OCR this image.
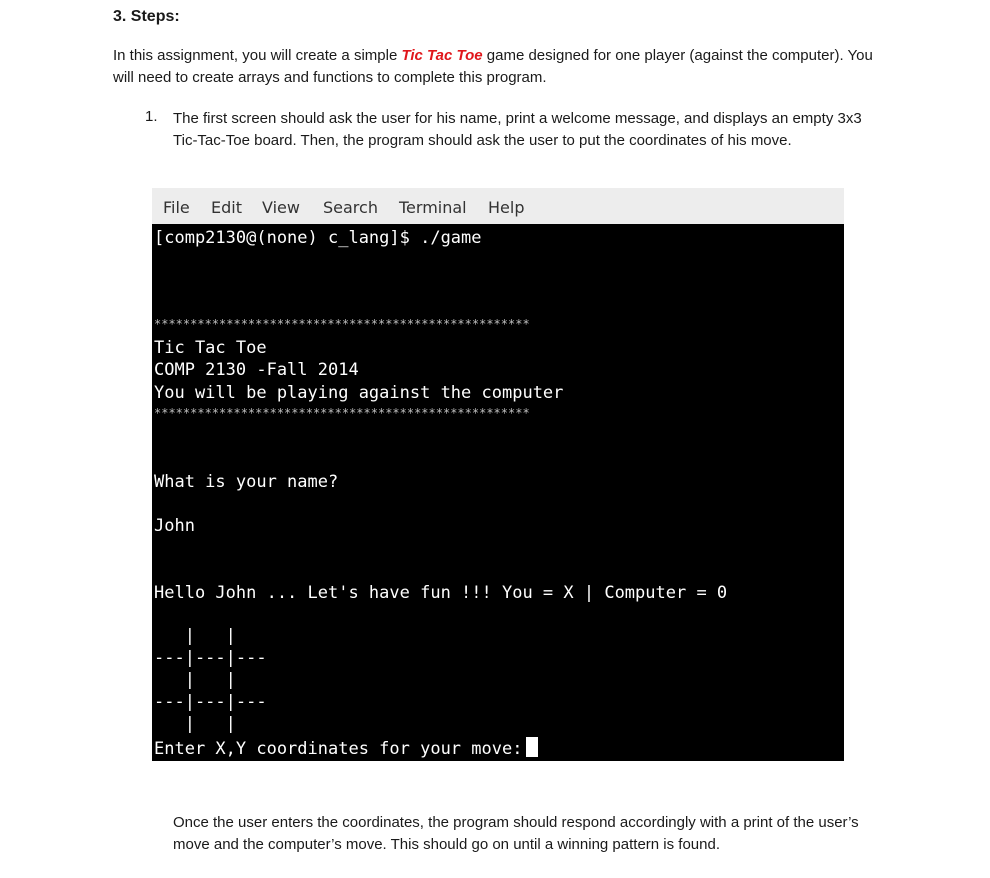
3. Steps:
In this assignment, you will create a simple Tic Tac Toe game designed for one player (against the computer). You will need to create arrays and functions to complete this program.
1. The first screen should ask the user for his name, print a welcome message, and displays an empty 3x3 Tic-Tac-Toe board. Then, the program should ask the user to put the coordinates of his move.
File Edit View Search Terminal Help
[comp2130@(none) c_lang]$ ./game
****************************************************
Tic Tac Toe
COMP 2130 -Fall 2014
You will be playing against the computer
****************************************************
What is your name?
John
Hello John ... Let's have fun !!! You = X | Computer = 0
|   |
---|---|---
|   |
---|---|---
|   |
Enter X,Y coordinates for your move:
Once the user enters the coordinates, the program should respond accordingly with a print of the user’s move and the computer’s move. This should go on until a winning pattern is found.
